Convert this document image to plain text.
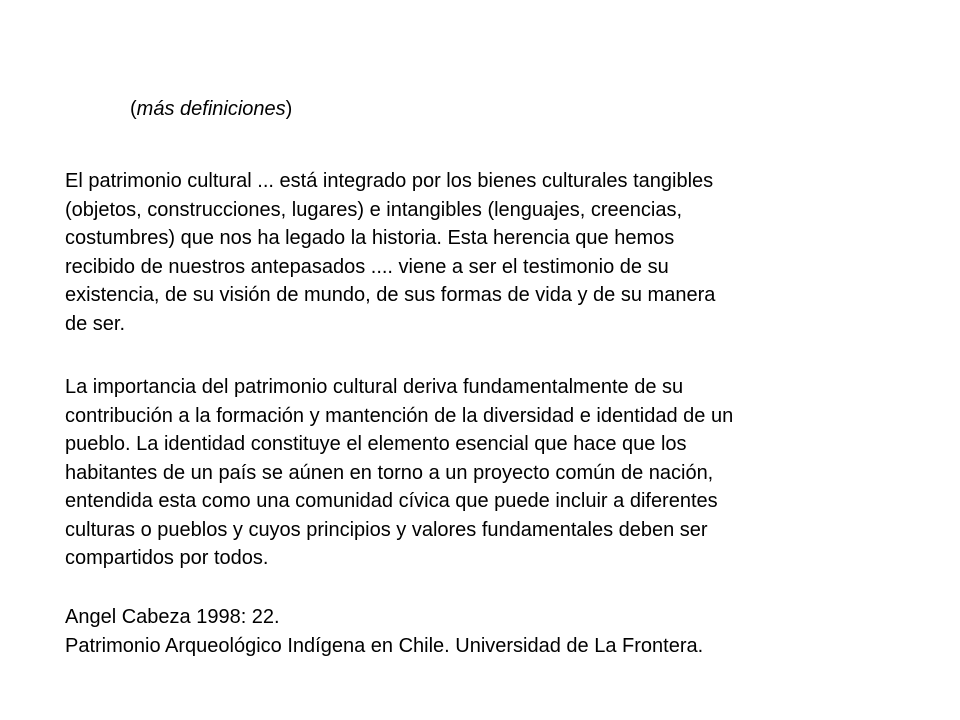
(más definiciones)

El patrimonio cultural ... está integrado por los bienes culturales tangibles
(objetos, construcciones, lugares) e intangibles (lenguajes, creencias,
costumbres) que nos ha legado la historia. Esta herencia que hemos
recibido de nuestros antepasados .... viene a ser el testimonio de su
existencia, de su visión de mundo, de sus formas de vida y de su manera
de ser.

La importancia del patrimonio cultural deriva fundamentalmente de su
contribución a la formación y mantención de la diversidad e identidad de un
pueblo. La identidad constituye el elemento esencial que hace que los
habitantes de un país se aúnen en torno a un proyecto común de nación,
entendida esta como una comunidad cívica que puede incluir a diferentes
culturas o pueblos y cuyos principios y valores fundamentales deben ser
compartidos por todos.

Angel Cabeza 1998: 22.
Patrimonio Arqueológico Indígena en Chile. Universidad de La Frontera.
